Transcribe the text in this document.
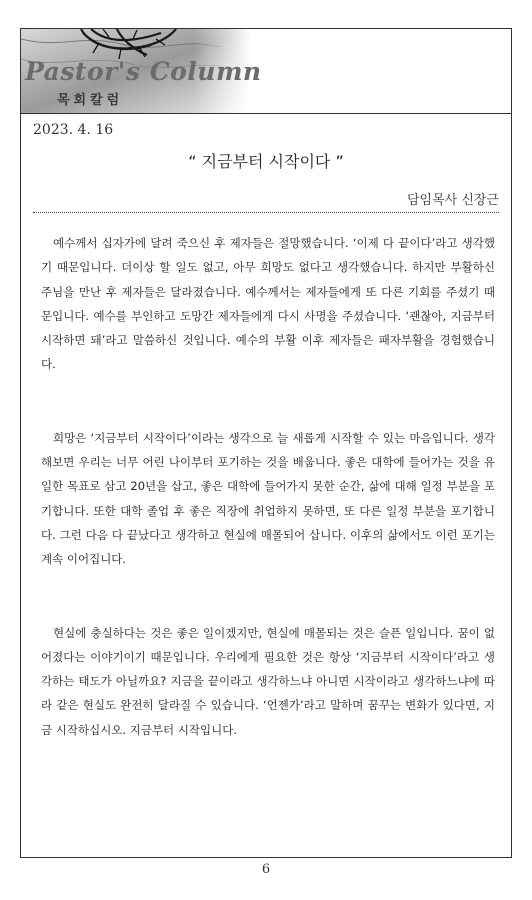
Pastor's Column
목회칼럼
2023. 4. 16
“ 지금부터 시작이다 ”
담임목사 신장근

예수께서 십자가에 달려 죽으신 후 제자들은 절망했습니다. ‘이제 다 끝이다’라고 생각했기 때문입니다. 더이상 할 일도 없고, 아무 희망도 없다고 생각했습니다. 하지만 부활하신 주님을 만난 후 제자들은 달라졌습니다. 예수께서는 제자들에게 또 다른 기회를 주셨기 때문입니다. 예수를 부인하고 도망간 제자들에게 다시 사명을 주셨습니다. ‘괜찮아, 지금부터 시작하면 돼’라고 말씀하신 것입니다. 예수의 부활 이후 제자들은 패자부활을 경험했습니다.

희망은 ‘지금부터 시작이다’이라는 생각으로 늘 새롭게 시작할 수 있는 마음입니다. 생각해보면 우리는 너무 어린 나이부터 포기하는 것을 배웁니다. 좋은 대학에 들어가는 것을 유일한 목표로 삼고 20년을 삽고, 좋은 대학에 들어가지 못한 순간, 삶에 대해 일정 부분을 포기합니다. 또한 대학 졸업 후 좋은 직장에 취업하지 못하면, 또 다른 일정 부분을 포기합니다. 그런 다음 다 끝났다고 생각하고 현실에 매몰되어 삽니다. 이후의 삶에서도 이런 포기는 계속 이어집니다.

현실에 충실하다는 것은 좋은 일이겠지만, 현실에 매몰되는 것은 슬픈 일입니다. 꿈이 없어졌다는 이야기이기 때문입니다. 우리에게 필요한 것은 항상 ‘지금부터 시작이다’라고 생각하는 태도가 아닐까요? 지금을 끝이라고 생각하느냐 아니면 시작이라고 생각하느냐에 따라 같은 현실도 완전히 달라질 수 있습니다. ‘언젠가’라고 말하며 꿈꾸는 변화가 있다면, 지금 시작하십시오. 지금부터 시작입니다.

6
